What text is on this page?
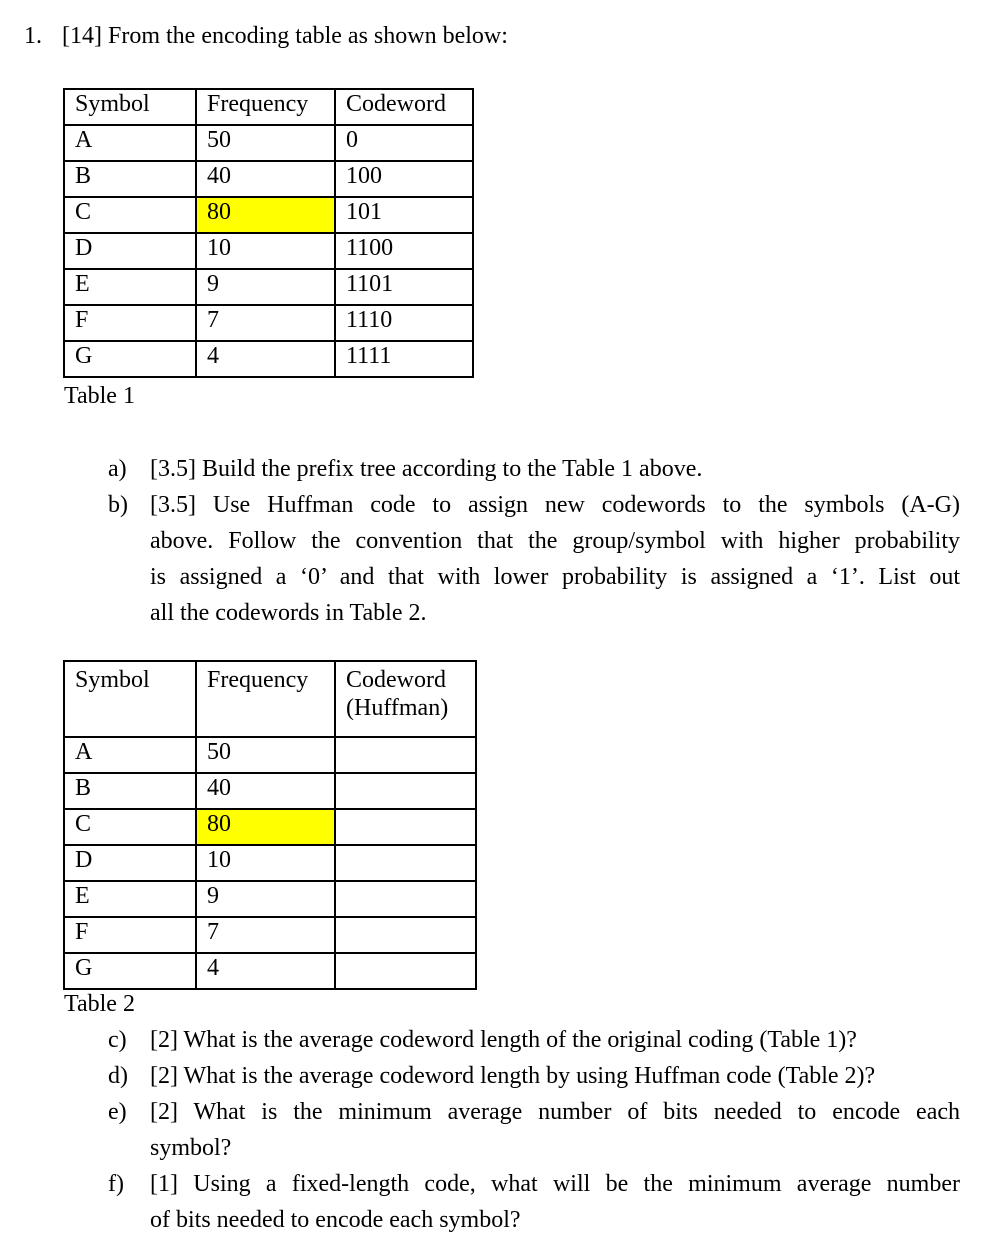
1. [14] From the encoding table as shown below:
Symbol	Frequency	Codeword
A	50	0
B	40	100
C	80	101
D	10	1100
E	9	1101
F	7	1110
G	4	1111
Table 1
a) [3.5] Build the prefix tree according to the Table 1 above.
b) [3.5] Use Huffman code to assign new codewords to the symbols (A-G)
above. Follow the convention that the group/symbol with higher probability
is assigned a ‘0’ and that with lower probability is assigned a ‘1’. List out
all the codewords in Table 2.
Symbol	Frequency	Codeword
(Huffman)

A	50	
B	40	
C	80	
D	10	
E	9	
F	7	
G	4	
Table 2
c) [2] What is the average codeword length of the original coding (Table 1)?
d) [2] What is the average codeword length by using Huffman code (Table 2)?
e) [2] What is the minimum average number of bits needed to encode each
symbol?
f) [1] Using a fixed-length code, what will be the minimum average number
of bits needed to encode each symbol?
